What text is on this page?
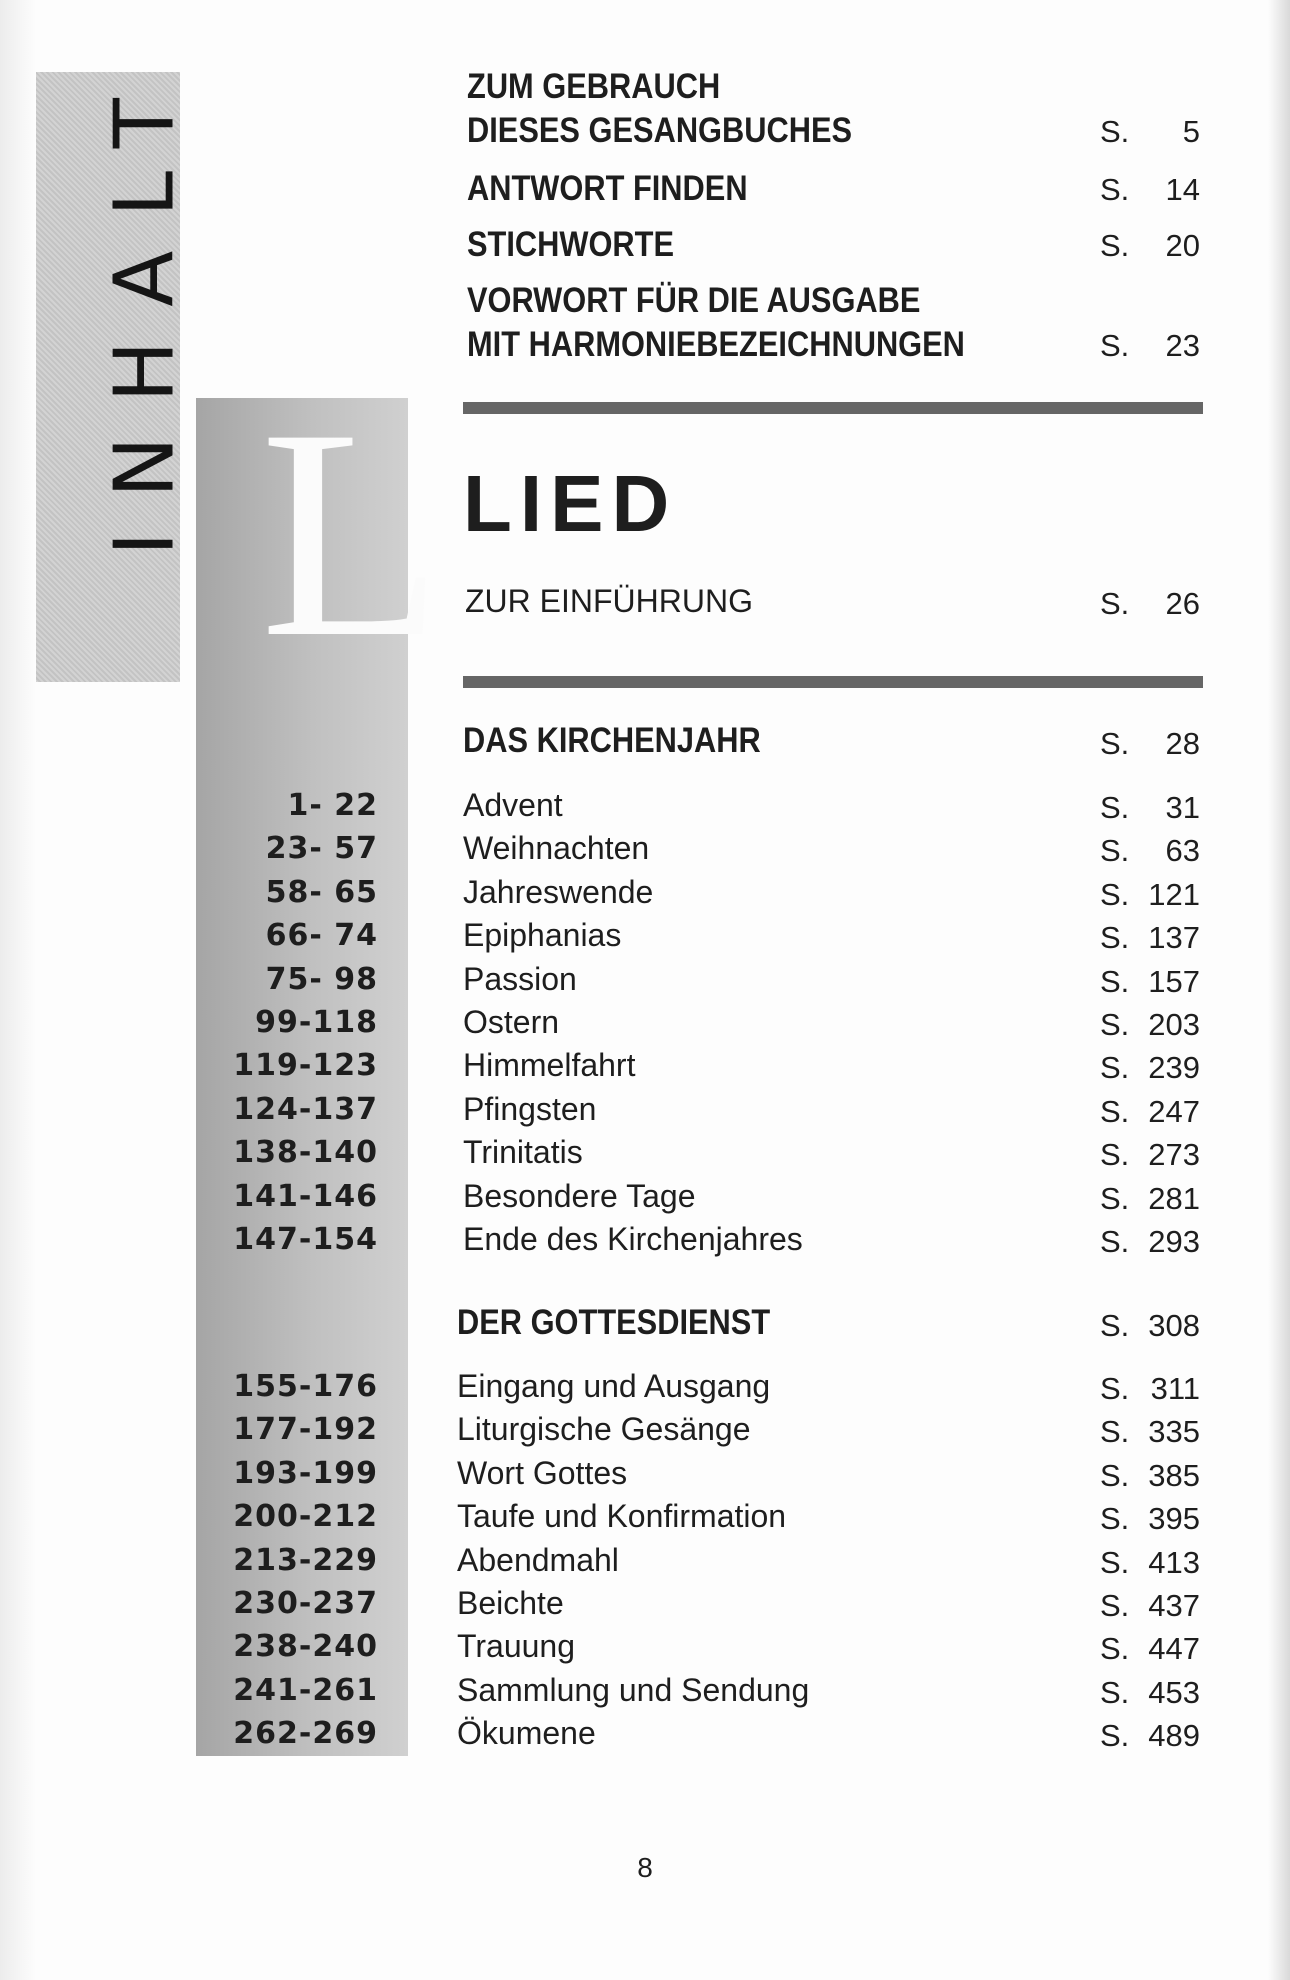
INHALT L
ZUM GEBRAUCH
DIESES GESANGBUCHES	S. 5
ANTWORT FINDEN	S. 14
STICHWORTE	S. 20
VORWORT FÜR DIE AUSGABE
MIT HARMONIEBEZEICHNUNGEN	S. 23
LIED
ZUR EINFÜHRUNG	S. 26
DAS KIRCHENJAHR	S. 28
1- 22	Advent	S. 31
23- 57	Weihnachten	S. 63
58- 65	Jahreswende	S. 121
66- 74	Epiphanias	S. 137
75- 98	Passion	S. 157
99-118	Ostern	S. 203
119-123	Himmelfahrt	S. 239
124-137	Pfingsten	S. 247
138-140	Trinitatis	S. 273
141-146	Besondere Tage	S. 281
147-154	Ende des Kirchenjahres	S. 293
DER GOTTESDIENST	S. 308
155-176 Eingang und Ausgang	S. 311
177-192 Liturgische Gesänge	S. 335
193-199 Wort Gottes	S. 385
200-212 Taufe und Konfirmation	S. 395
213-229 Abendmahl	S. 413
230-237 Beichte	S. 437
238-240 Trauung	S. 447
241-261 Sammlung und Sendung	S. 453
262-269 Ökumene	S. 489
8
